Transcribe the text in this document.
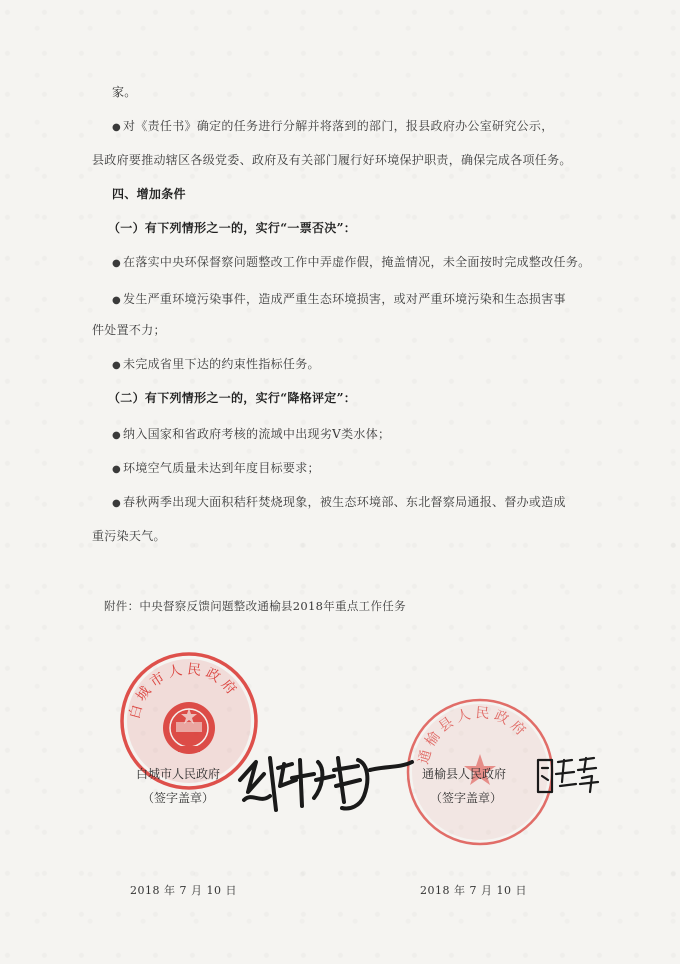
家。
● 对《责任书》确定的任务进行分解并将落到的部门，报县政府办公室研究公示，
县政府要推动辖区各级党委、政府及有关部门履行好环境保护职责，确保完成各项任务。
四、增加条件
（一）有下列情形之一的，实行“一票否决”：
● 在落实中央环保督察问题整改工作中弄虚作假，掩盖情况，未全面按时完成整改任务。
● 发生严重环境污染事件，造成严重生态环境损害，或对严重环境污染和生态损害事
件处置不力；
● 未完成省里下达的约束性指标任务。
（二）有下列情形之一的，实行“降格评定”：
● 纳入国家和省政府考核的流域中出现劣Ⅴ类水体；
● 环境空气质量未达到年度目标要求；
● 春秋两季出现大面积秸秆焚烧现象，被生态环境部、东北督察局通报、督办或造成
重污染天气。
附件：中央督察反馈问题整改通榆县2018年重点工作任务
白城市人民政府
通榆县人民政府
白城市人民政府
（签字盖章）
通榆县人民政府
（签字盖章）
2018 年 7 月 10 日	2018 年 7 月 10 日
